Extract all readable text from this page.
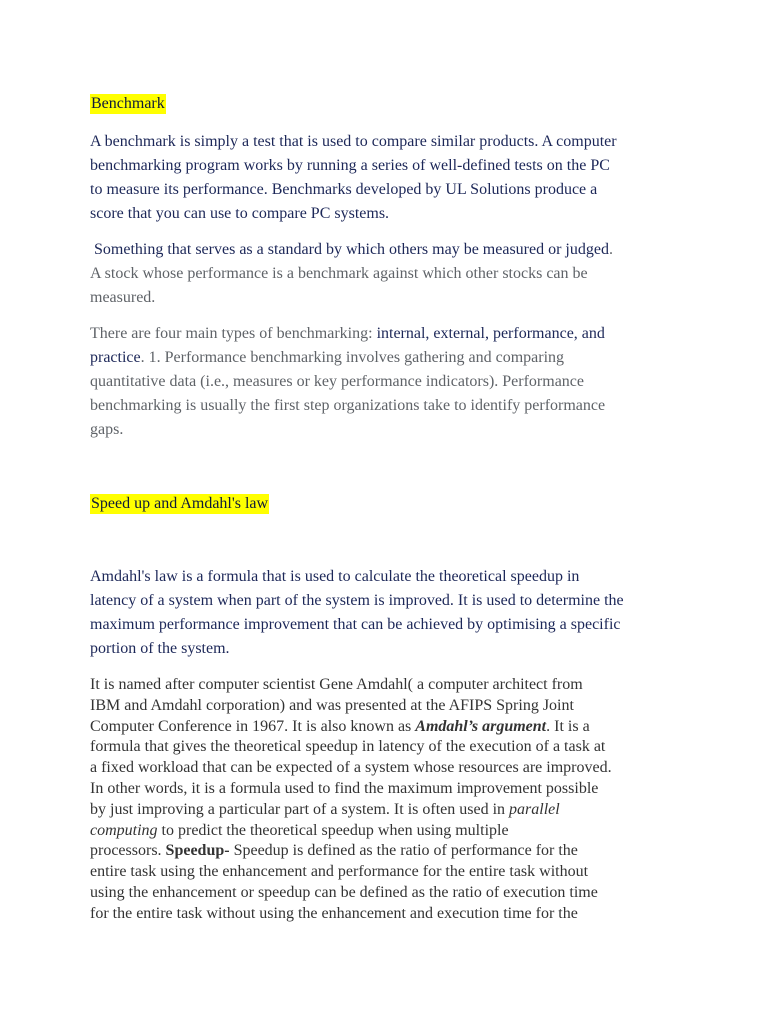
Benchmark
A benchmark is simply a test that is used to compare similar products. A computer
benchmarking program works by running a series of well-defined tests on the PC
to measure its performance. Benchmarks developed by UL Solutions produce a
score that you can use to compare PC systems.
Something that serves as a standard by which others may be measured or judged.
A stock whose performance is a benchmark against which other stocks can be
measured.
There are four main types of benchmarking: internal, external, performance, and
practice. 1. Performance benchmarking involves gathering and comparing
quantitative data (i.e., measures or key performance indicators). Performance
benchmarking is usually the first step organizations take to identify performance
gaps.
Speed up and Amdahl's law
Amdahl's law is a formula that is used to calculate the theoretical speedup in
latency of a system when part of the system is improved. It is used to determine the
maximum performance improvement that can be achieved by optimising a specific
portion of the system.
It is named after computer scientist Gene Amdahl( a computer architect from
IBM and Amdahl corporation) and was presented at the AFIPS Spring Joint
Computer Conference in 1967. It is also known as Amdahl’s argument. It is a
formula that gives the theoretical speedup in latency of the execution of a task at
a fixed workload that can be expected of a system whose resources are improved.
In other words, it is a formula used to find the maximum improvement possible
by just improving a particular part of a system. It is often used in parallel
computing to predict the theoretical speedup when using multiple
processors. Speedup- Speedup is defined as the ratio of performance for the
entire task using the enhancement and performance for the entire task without
using the enhancement or speedup can be defined as the ratio of execution time
for the entire task without using the enhancement and execution time for the
